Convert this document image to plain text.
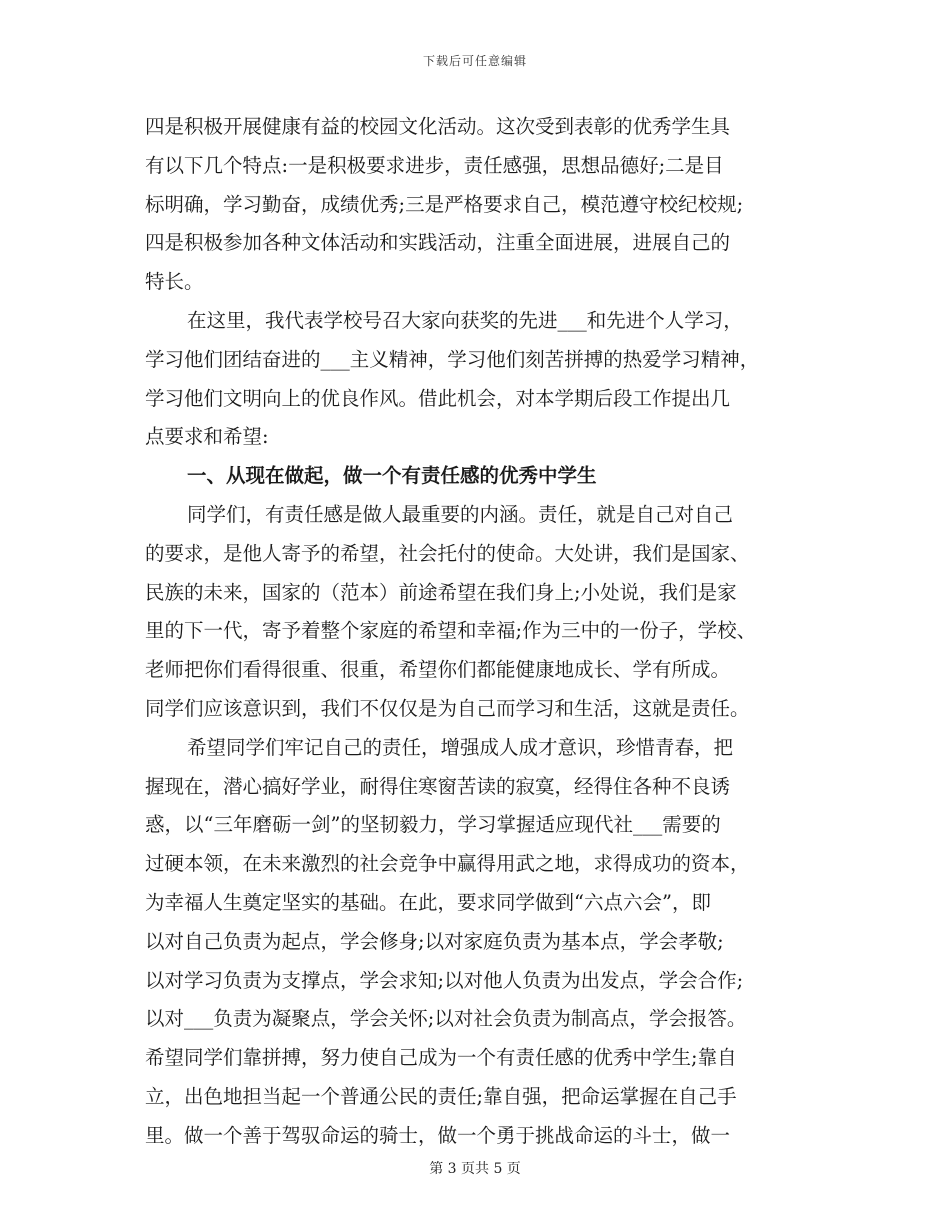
下载后可任意编辑
四是积极开展健康有益的校园文化活动。这次受到表彰的优秀学生具
有以下几个特点:一是积极要求进步，责任感强，思想品德好;二是目
标明确，学习勤奋，成绩优秀;三是严格要求自己，模范遵守校纪校规;
四是积极参加各种文体活动和实践活动，注重全面进展，进展自己的
特长。
在这里，我代表学校号召大家向获奖的先进___和先进个人学习，
学习他们团结奋进的___主义精神，学习他们刻苦拼搏的热爱学习精神，
学习他们文明向上的优良作风。借此机会，对本学期后段工作提出几
点要求和希望:
一、从现在做起，做一个有责任感的优秀中学生
同学们，有责任感是做人最重要的内涵。责任，就是自己对自己
的要求，是他人寄予的希望，社会托付的使命。大处讲，我们是国家、
民族的未来，国家的（范本）前途希望在我们身上;小处说，我们是家
里的下一代，寄予着整个家庭的希望和幸福;作为三中的一份子，学校、
老师把你们看得很重、很重，希望你们都能健康地成长、学有所成。
同学们应该意识到，我们不仅仅是为自己而学习和生活，这就是责任。
希望同学们牢记自己的责任，增强成人成才意识，珍惜青春，把
握现在，潜心搞好学业，耐得住寒窗苦读的寂寞，经得住各种不良诱
惑，以“三年磨砺一剑”的坚韧毅力，学习掌握适应现代社___需要的
过硬本领，在未来激烈的社会竞争中赢得用武之地，求得成功的资本，
为幸福人生奠定坚实的基础。在此，要求同学做到“六点六会”，即
以对自己负责为起点，学会修身;以对家庭负责为基本点，学会孝敬;
以对学习负责为支撑点，学会求知;以对他人负责为出发点，学会合作;
以对___负责为凝聚点，学会关怀;以对社会负责为制高点，学会报答。
希望同学们靠拼搏，努力使自己成为一个有责任感的优秀中学生;靠自
立，出色地担当起一个普通公民的责任;靠自强，把命运掌握在自己手
里。做一个善于驾驭命运的骑士，做一个勇于挑战命运的斗士，做一
第 3 页共 5 页
